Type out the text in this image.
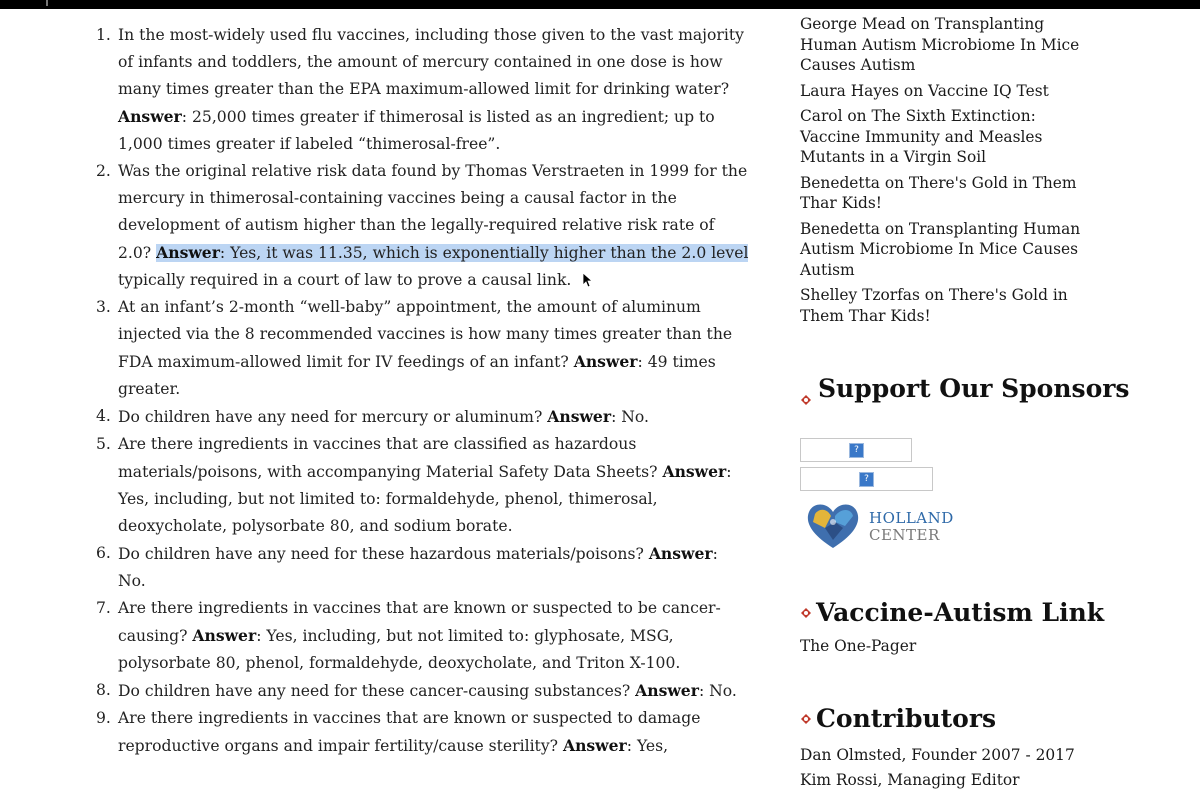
1. In the most-widely used flu vaccines, including those given to the vast majority of infants and toddlers, the amount of mercury contained in one dose is how many times greater than the EPA maximum-allowed limit for drinking water? Answer: 25,000 times greater if thimerosal is listed as an ingredient; up to 1,000 times greater if labeled “thimerosal-free”.
2. Was the original relative risk data found by Thomas Verstraeten in 1999 for the mercury in thimerosal-containing vaccines being a causal factor in the development of autism higher than the legally-required relative risk rate of 2.0? Answer: Yes, it was 11.35, which is exponentially higher than the 2.0 level typically required in a court of law to prove a causal link.
3. At an infant’s 2-month “well-baby” appointment, the amount of aluminum injected via the 8 recommended vaccines is how many times greater than the FDA maximum-allowed limit for IV feedings of an infant? Answer: 49 times greater.
4. Do children have any need for mercury or aluminum? Answer: No.
5. Are there ingredients in vaccines that are classified as hazardous materials/poisons, with accompanying Material Safety Data Sheets? Answer: Yes, including, but not limited to: formaldehyde, phenol, thimerosal, deoxycholate, polysorbate 80, and sodium borate.
6. Do children have any need for these hazardous materials/poisons? Answer: No.
7. Are there ingredients in vaccines that are known or suspected to be cancer-causing? Answer: Yes, including, but not limited to: glyphosate, MSG, polysorbate 80, phenol, formaldehyde, deoxycholate, and Triton X-100.
8. Do children have any need for these cancer-causing substances? Answer: No.
9. Are there ingredients in vaccines that are known or suspected to damage reproductive organs and impair fertility/cause sterility? Answer: Yes,
George Mead on Transplanting Human Autism Microbiome In Mice Causes Autism
Laura Hayes on Vaccine IQ Test
Carol on The Sixth Extinction: Vaccine Immunity and Measles Mutants in a Virgin Soil
Benedetta on There's Gold in Them Thar Kids!
Benedetta on Transplanting Human Autism Microbiome In Mice Causes Autism
Shelley Tzorfas on There's Gold in Them Thar Kids!
Support Our Sponsors
?
?
HOLLAND
CENTER
Vaccine-Autism Link
The One-Pager
Contributors
Dan Olmsted, Founder 2007 - 2017
Kim Rossi, Managing Editor
